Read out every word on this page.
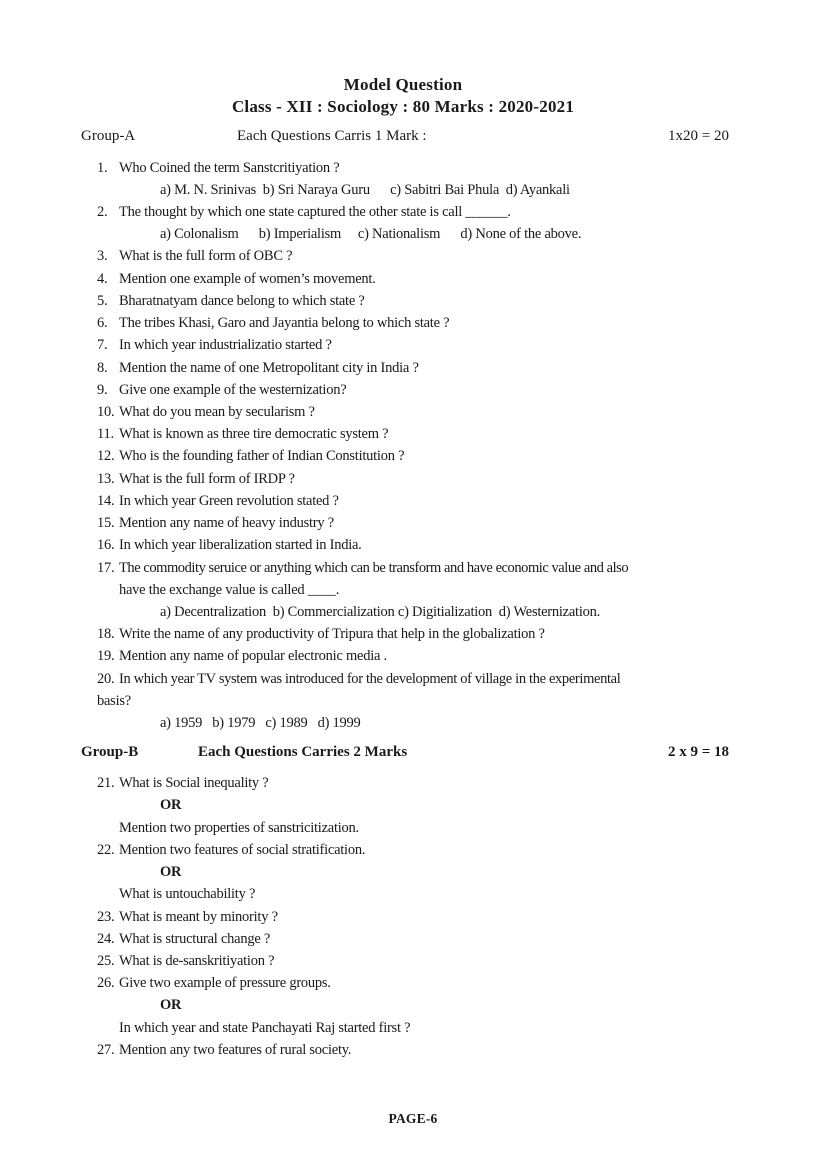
Model Question
Class - XII : Sociology : 80 Marks : 2020-2021
Group-A	Each Questions Carris 1 Mark :	1x20 = 20
1. Who Coined the term Sanstcritiyation ?
a) M. N. Srinivas  b) Sri Naraya Guru      c) Sabitri Bai Phula  d) Ayankali
2. The thought by which one state captured the other state is call ______.
a) Colonalism      b) Imperialism     c) Nationalism      d) None of the above.
3. What is the full form of OBC ?
4. Mention one example of women’s movement.
5. Bharatnatyam dance belong to which state ?
6. The tribes Khasi, Garo and Jayantia belong to which state ?
7. In which year industrializatio started ?
8. Mention the name of one Metropolitant city in India ?
9. Give one example of the westernization?
10. What do you mean by secularism ?
11. What is known as three tire democratic system ?
12. Who is the founding father of Indian Constitution ?
13. What is the full form of IRDP ?
14. In which year Green revolution stated ?
15. Mention any name of heavy industry ?
16. In which year liberalization started in India.
17. The commodity seruice or anything which can be transform and have economic value and also
have the exchange value is called ____.
a) Decentralization  b) Commercialization c) Digitialization  d) Westernization.
18. Write the name of any productivity of Tripura that help in the globalization ?
19. Mention any name of popular electronic media .
20. In which year TV system was introduced for the development of village in the experimental
basis?
a) 1959   b) 1979   c) 1989   d) 1999
Group-B	Each Questions Carries 2 Marks	2 x 9 = 18
21. What is Social inequality ?
OR
Mention two properties of sanstricitization.
22. Mention two features of social stratification.
OR
What is untouchability ?
23. What is meant by minority ?
24. What is structural change ?
25. What is de-sanskritiyation ?
26. Give two example of pressure groups.
OR
In which year and state Panchayati Raj started first ?
27. Mention any two features of rural society.
PAGE-6
